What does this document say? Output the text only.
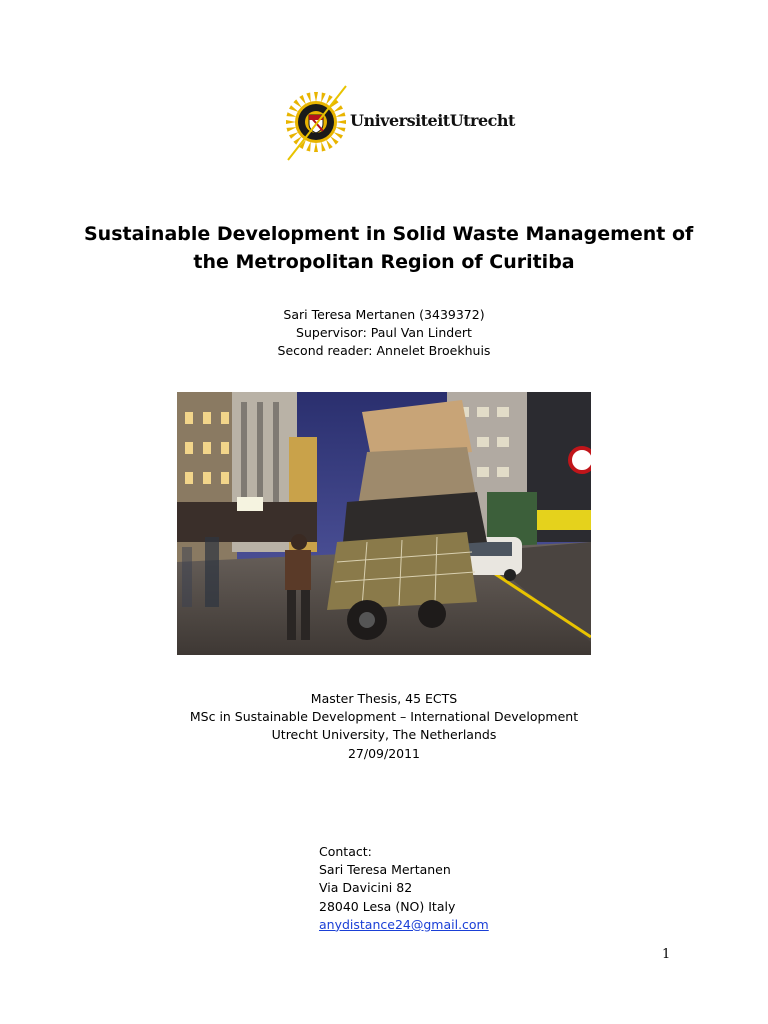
UniversiteitUtrecht
Sustainable Development in Solid Waste Management of
the Metropolitan Region of Curitiba
Sari Teresa Mertanen (3439372)
Supervisor: Paul Van Lindert
Second reader: Annelet Broekhuis
Master Thesis, 45 ECTS
MSc in Sustainable Development – International Development
Utrecht University, The Netherlands
27/09/2011
Contact:
Sari Teresa Mertanen
Via Davicini 82
28040 Lesa (NO) Italy
anydistance24@gmail.com
1
